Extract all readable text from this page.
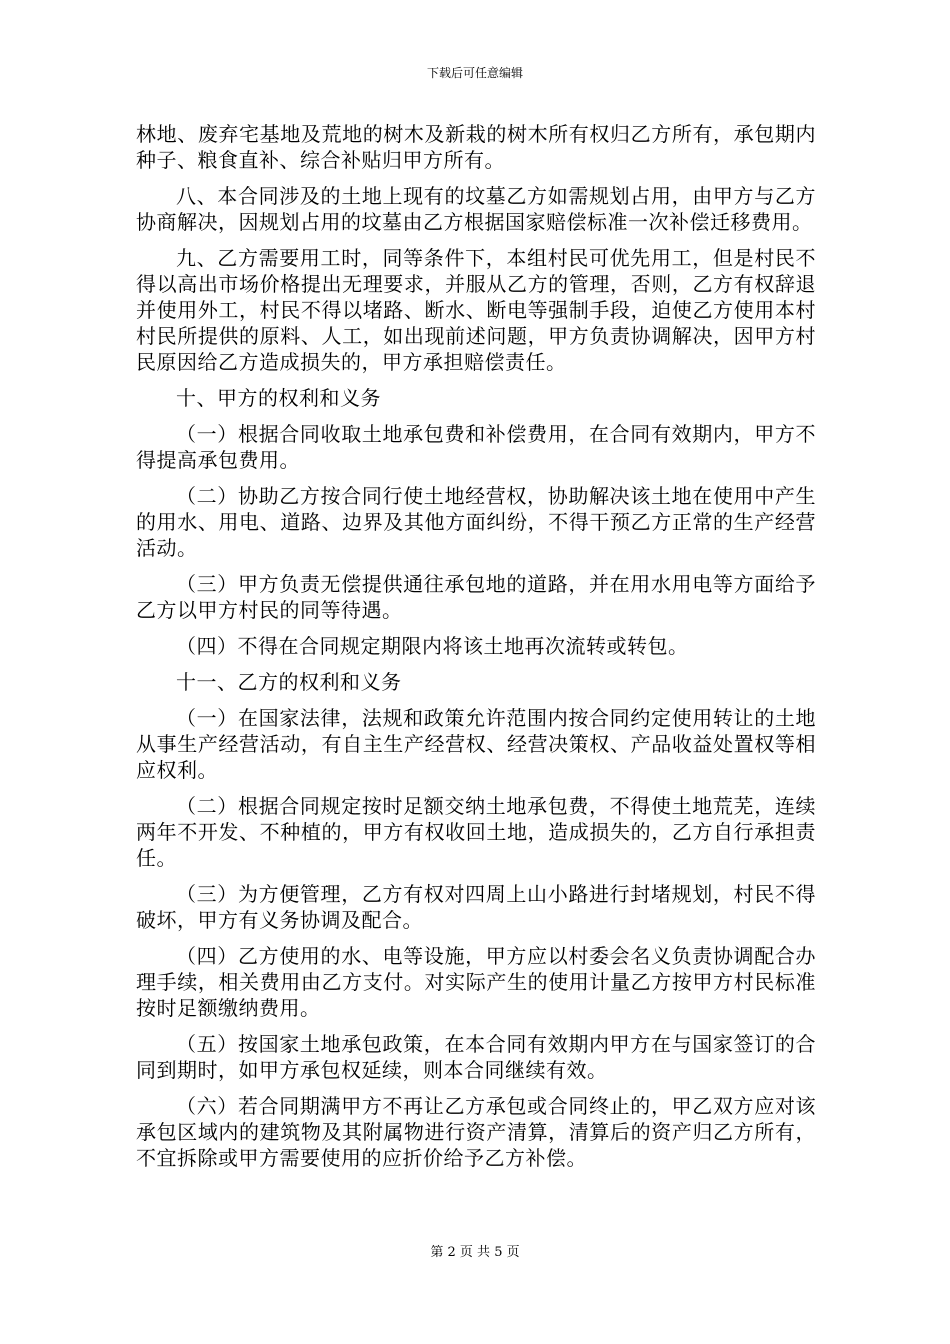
下载后可任意编辑

林地、废弃宅基地及荒地的树木及新栽的树木所有权归乙方所有，承包期内种子、粮食直补、综合补贴归甲方所有。

八、本合同涉及的土地上现有的坟墓乙方如需规划占用，由甲方与乙方协商解决，因规划占用的坟墓由乙方根据国家赔偿标准一次补偿迁移费用。

九、乙方需要用工时，同等条件下，本组村民可优先用工，但是村民不得以高出市场价格提出无理要求，并服从乙方的管理，否则，乙方有权辞退并使用外工，村民不得以堵路、断水、断电等强制手段，迫使乙方使用本村村民所提供的原料、人工，如出现前述问题，甲方负责协调解决，因甲方村民原因给乙方造成损失的，甲方承担赔偿责任。

十、甲方的权利和义务

（一）根据合同收取土地承包费和补偿费用，在合同有效期内，甲方不得提高承包费用。

（二）协助乙方按合同行使土地经营权，协助解决该土地在使用中产生的用水、用电、道路、边界及其他方面纠纷，不得干预乙方正常的生产经营活动。

（三）甲方负责无偿提供通往承包地的道路，并在用水用电等方面给予乙方以甲方村民的同等待遇。

（四）不得在合同规定期限内将该土地再次流转或转包。

十一、乙方的权利和义务

（一）在国家法律，法规和政策允许范围内按合同约定使用转让的土地从事生产经营活动，有自主生产经营权、经营决策权、产品收益处置权等相应权利。

（二）根据合同规定按时足额交纳土地承包费，不得使土地荒芜，连续两年不开发、不种植的，甲方有权收回土地，造成损失的，乙方自行承担责任。

（三）为方便管理，乙方有权对四周上山小路进行封堵规划，村民不得破坏，甲方有义务协调及配合。

（四）乙方使用的水、电等设施，甲方应以村委会名义负责协调配合办理手续，相关费用由乙方支付。对实际产生的使用计量乙方按甲方村民标准按时足额缴纳费用。

（五）按国家土地承包政策，在本合同有效期内甲方在与国家签订的合同到期时，如甲方承包权延续，则本合同继续有效。

（六）若合同期满甲方不再让乙方承包或合同终止的，甲乙双方应对该承包区域内的建筑物及其附属物进行资产清算，清算后的资产归乙方所有，不宜拆除或甲方需要使用的应折价给予乙方补偿。

第 2 页 共 5 页
